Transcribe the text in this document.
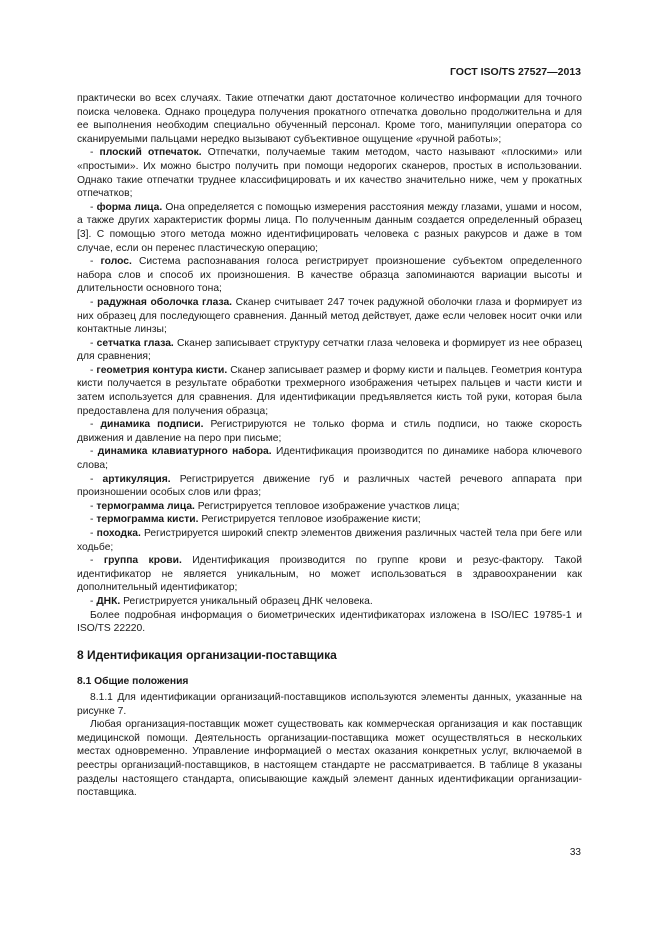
ГОСТ ISO/TS 27527—2013

практически во всех случаях. Такие отпечатки дают достаточное количество информации для точного поиска человека. Однако процедура получения прокатного отпечатка довольно продолжительна и для ее выполнения необходим специально обученный персонал. Кроме того, манипуляции оператора со сканируемыми пальцами нередко вызывают субъективное ощущение «ручной работы»;

- плоский отпечаток. Отпечатки, получаемые таким методом, часто называют «плоскими» или «простыми». Их можно быстро получить при помощи недорогих сканеров, простых в использовании. Однако такие отпечатки труднее классифицировать и их качество значительно ниже, чем у прокатных отпечатков;

- форма лица. Она определяется с помощью измерения расстояния между глазами, ушами и носом, а также других характеристик формы лица. По полученным данным создается определенный образец [3]. С помощью этого метода можно идентифицировать человека с разных ракурсов и даже в том случае, если он перенес пластическую операцию;

- голос. Система распознавания голоса регистрирует произношение субъектом определенного набора слов и способ их произношения. В качестве образца запоминаются вариации высоты и длительности основного тона;

- радужная оболочка глаза. Сканер считывает 247 точек радужной оболочки глаза и формирует из них образец для последующего сравнения. Данный метод действует, даже если человек носит очки или контактные линзы;

- сетчатка глаза. Сканер записывает структуру сетчатки глаза человека и формирует из нее образец для сравнения;

- геометрия контура кисти. Сканер записывает размер и форму кисти и пальцев. Геометрия контура кисти получается в результате обработки трехмерного изображения четырех пальцев и части кисти и затем используется для сравнения. Для идентификации предъявляется кисть той руки, которая была предоставлена для получения образца;

- динамика подписи. Регистрируются не только форма и стиль подписи, но также скорость движения и давление на перо при письме;

- динамика клавиатурного набора. Идентификация производится по динамике набора ключевого слова;

- артикуляция. Регистрируется движение губ и различных частей речевого аппарата при произношении особых слов или фраз;

- термограмма лица. Регистрируется тепловое изображение участков лица;

- термограмма кисти. Регистрируется тепловое изображение кисти;

- походка. Регистрируется широкий спектр элементов движения различных частей тела при беге или ходьбе;

- группа крови. Идентификация производится по группе крови и резус-фактору. Такой идентификатор не является уникальным, но может использоваться в здравоохранении как дополнительный идентификатор;

- ДНК. Регистрируется уникальный образец ДНК человека.

Более подробная информация о биометрических идентификаторах изложена в ISO/IEC 19785-1 и ISO/TS 22220.

8 Идентификация организации-поставщика
8.1 Общие положения

8.1.1 Для идентификации организаций-поставщиков используются элементы данных, указанные на рисунке 7.

Любая организация-поставщик может существовать как коммерческая организация и как поставщик медицинской помощи. Деятельность организации-поставщика может осуществляться в нескольких местах одновременно. Управление информацией о местах оказания конкретных услуг, включаемой в реестры организаций-поставщиков, в настоящем стандарте не рассматривается. В таблице 8 указаны разделы настоящего стандарта, описывающие каждый элемент данных идентификации организации-поставщика.

33
